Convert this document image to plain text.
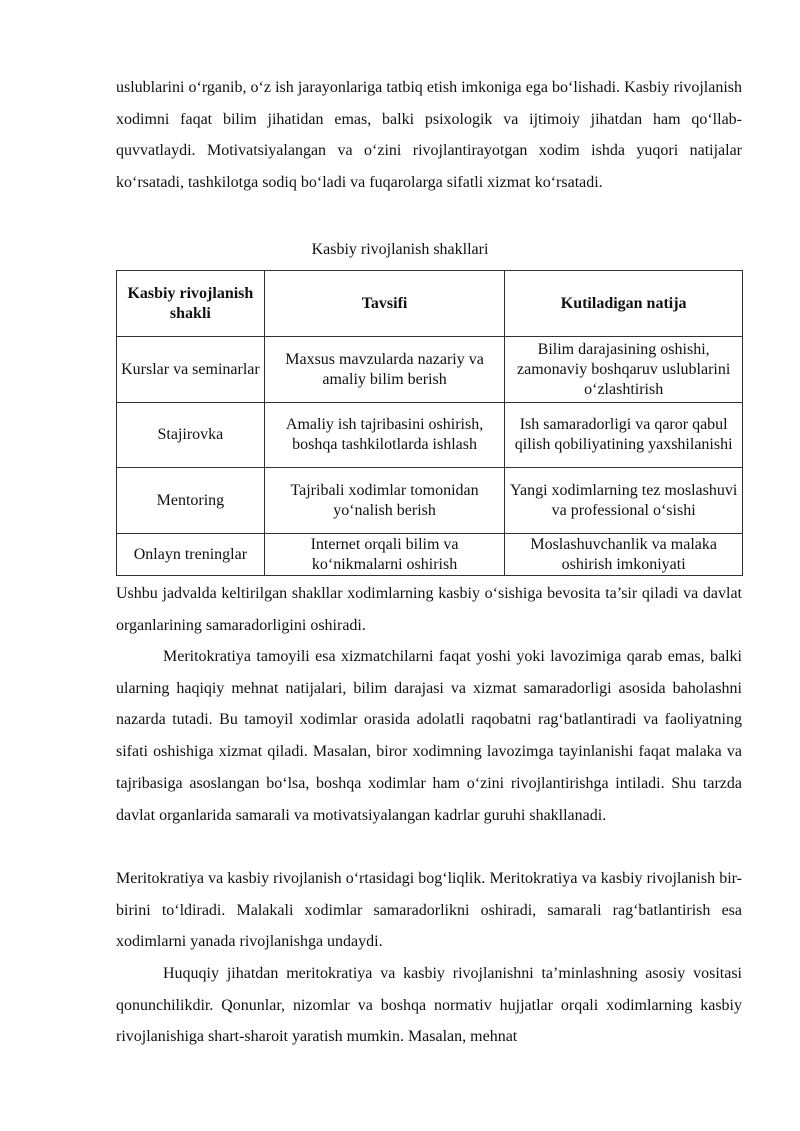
uslublarini o‘rganib, o‘z ish jarayonlariga tatbiq etish imkoniga ega bo‘lishadi. Kasbiy rivojlanish xodimni faqat bilim jihatidan emas, balki psixologik va ijtimoiy jihatdan ham qo‘llab-quvvatlaydi. Motivatsiyalangan va o‘zini rivojlantirayotgan xodim ishda yuqori natijalar ko‘rsatadi, tashkilotga sodiq bo‘ladi va fuqarolarga sifatli xizmat ko‘rsatadi.

Kasbiy rivojlanish shakllari

Kasbiy rivojlanish shakli	Tavsifi	Kutiladigan natija
Kurslar va seminarlar	Maxsus mavzularda nazariy va amaliy bilim berish	Bilim darajasining oshishi, zamonaviy boshqaruv uslublarini o‘zlashtirish
Stajirovka	Amaliy ish tajribasini oshirish, boshqa tashkilotlarda ishlash	Ish samaradorligi va qaror qabul qilish qobiliyatining yaxshilanishi
Mentoring	Tajribali xodimlar tomonidan yo‘nalish berish	Yangi xodimlarning tez moslashuvi va professional o‘sishi
Onlayn treninglar	Internet orqali bilim va ko‘nikmalarni oshirish	Moslashuvchanlik va malaka oshirish imkoniyati

Ushbu jadvalda keltirilgan shakllar xodimlarning kasbiy o‘sishiga bevosita ta’sir qiladi va davlat organlarining samaradorligini oshiradi.

Meritokratiya tamoyili esa xizmatchilarni faqat yoshi yoki lavozimiga qarab emas, balki ularning haqiqiy mehnat natijalari, bilim darajasi va xizmat samaradorligi asosida baholashni nazarda tutadi. Bu tamoyil xodimlar orasida adolatli raqobatni rag‘batlantiradi va faoliyatning sifati oshishiga xizmat qiladi. Masalan, biror xodimning lavozimga tayinlanishi faqat malaka va tajribasiga asoslangan bo‘lsa, boshqa xodimlar ham o‘zini rivojlantirishga intiladi. Shu tarzda davlat organlarida samarali va motivatsiyalangan kadrlar guruhi shakllanadi.

Meritokratiya va kasbiy rivojlanish o‘rtasidagi bog‘liqlik. Meritokratiya va kasbiy rivojlanish bir-birini to‘ldiradi. Malakali xodimlar samaradorlikni oshiradi, samarali rag‘batlantirish esa xodimlarni yanada rivojlanishga undaydi.

Huquqiy jihatdan meritokratiya va kasbiy rivojlanishni ta’minlashning asosiy vositasi qonunchilikdir. Qonunlar, nizomlar va boshqa normativ hujjatlar orqali xodimlarning kasbiy rivojlanishiga shart-sharoit yaratish mumkin. Masalan, mehnat
